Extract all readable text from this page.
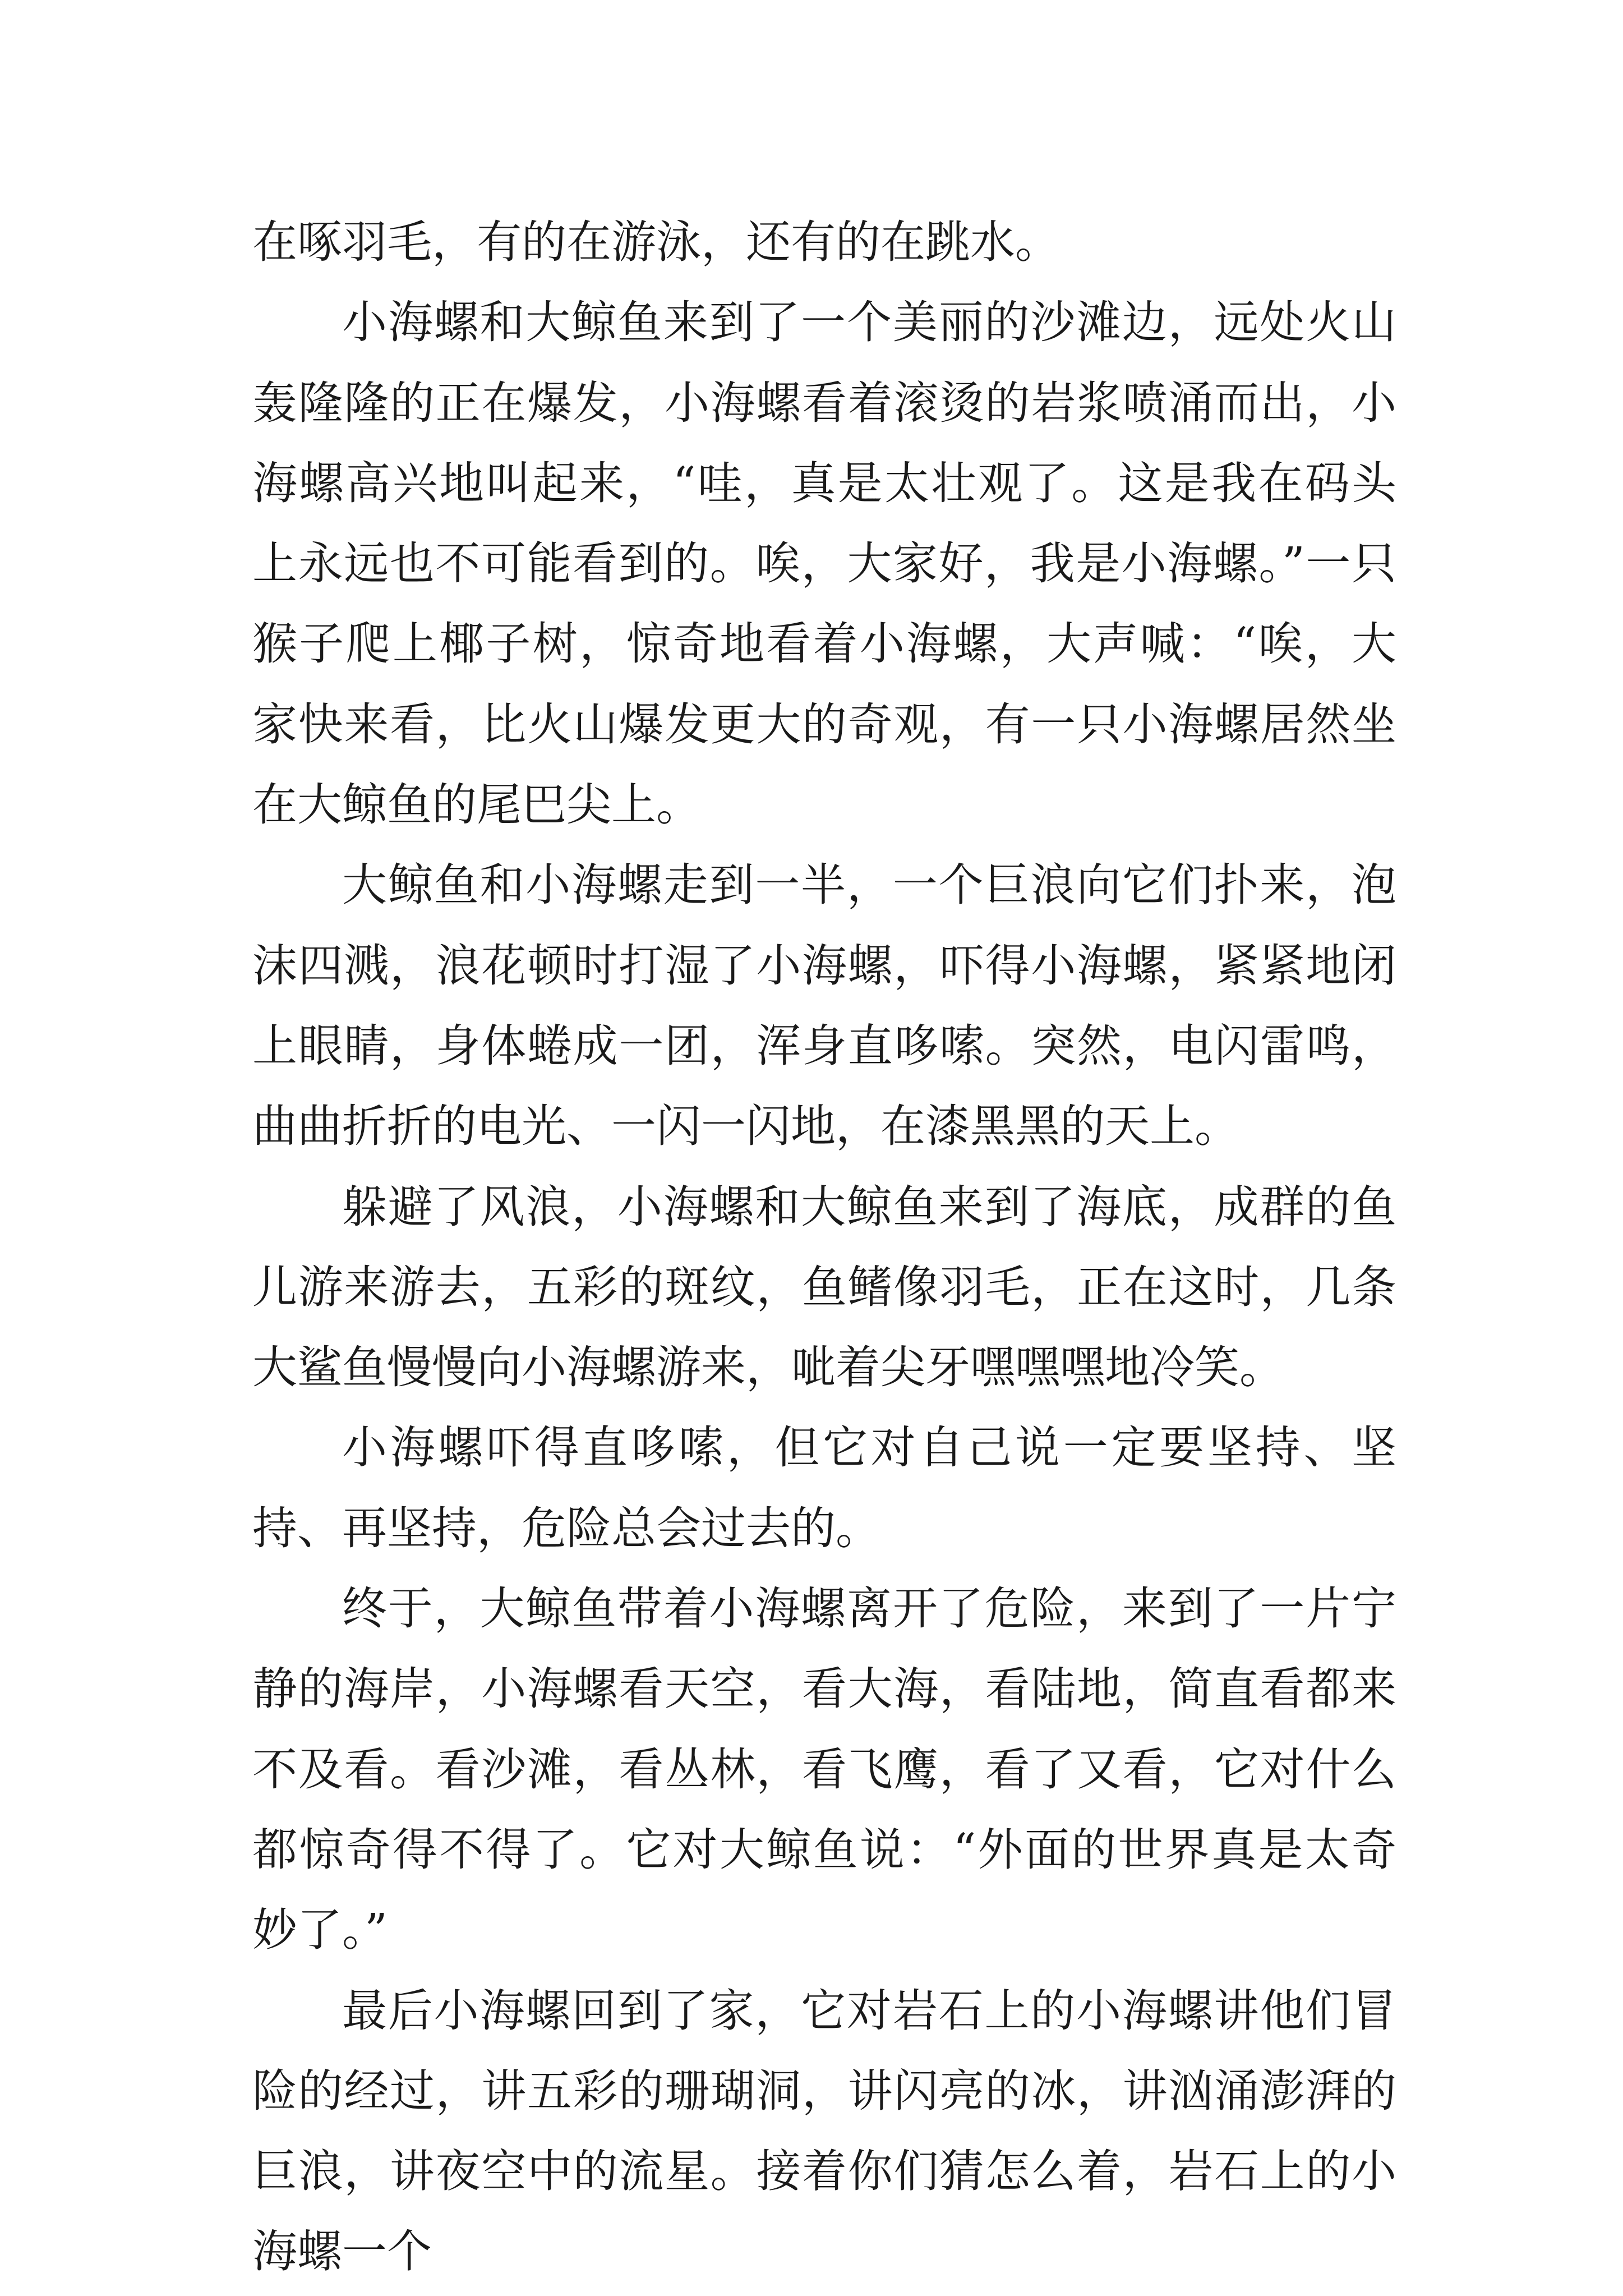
在啄羽毛，有的在游泳，还有的在跳水。

小海螺和大鲸鱼来到了一个美丽的沙滩边，远处火山轰隆隆的正在爆发，小海螺看着滚烫的岩浆喷涌而出，小海螺高兴地叫起来，“哇，真是太壮观了。这是我在码头上永远也不可能看到的。唉，大家好，我是小海螺。”一只猴子爬上椰子树，惊奇地看着小海螺，大声喊：“唉，大家快来看，比火山爆发更大的奇观，有一只小海螺居然坐在大鲸鱼的尾巴尖上。

大鲸鱼和小海螺走到一半，一个巨浪向它们扑来，泡沫四溅，浪花顿时打湿了小海螺，吓得小海螺，紧紧地闭上眼睛，身体蜷成一团，浑身直哆嗦。突然，电闪雷鸣，曲曲折折的电光、一闪一闪地，在漆黑黑的天上。

躲避了风浪，小海螺和大鲸鱼来到了海底，成群的鱼儿游来游去，五彩的斑纹，鱼鳍像羽毛，正在这时，几条大鲨鱼慢慢向小海螺游来，呲着尖牙嘿嘿嘿地冷笑。

小海螺吓得直哆嗦，但它对自己说一定要坚持、坚持、再坚持，危险总会过去的。

终于，大鲸鱼带着小海螺离开了危险，来到了一片宁静的海岸，小海螺看天空，看大海，看陆地，简直看都来不及看。看沙滩，看丛林，看飞鹰，看了又看，它对什么都惊奇得不得了。它对大鲸鱼说：“外面的世界真是太奇妙了。”

最后小海螺回到了家，它对岩石上的小海螺讲他们冒险的经过，讲五彩的珊瑚洞，讲闪亮的冰，讲汹涌澎湃的巨浪，讲夜空中的流星。接着你们猜怎么着，岩石上的小海螺一个
